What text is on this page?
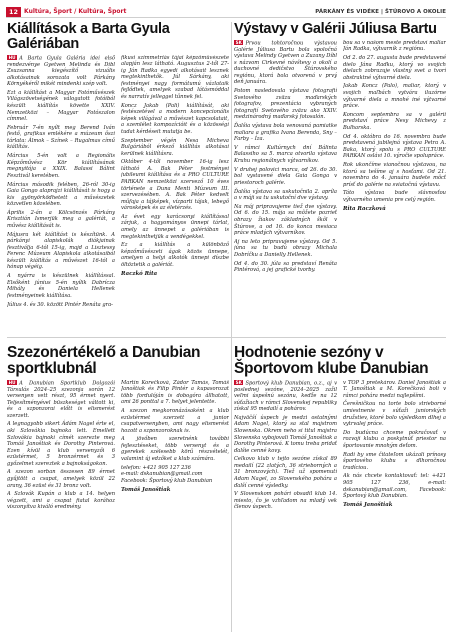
12	Kultúra, Šport / Kultúra, Šport	PÁRKÁNY ÉS VIDÉKE | ŠTÚROVO A OKOLIE
Kiállítások a Barta Gyula Galériában

HU A Barta Gyula Galéria idei első rendezvénye Gyetven Melinda és Dibl Zsuzsanna kiegészítő vizuális alkotásainak sorozata volt Párkány Környékéről mikét mindenki szép volt.

Ezt a kiállítást a Magyar Fotóművészek Világszövetségének válogatott fotóiból készült kiállítás követte XXIV. Nemzetközi – Magyar Fotószalon címmel.

Február 7-én nyílt meg Berend Iván festő, grafikus emlékére a múzeum őszi tárlata: Álmok – Színek – Rugalmas című kiállítás.

Március 5-én volt a Regionális Képzőművész Kör kiállításának megnyitója a XXIX. Balassi Bálint Fesztivál keretében.

Március második felében, 26-ról 30-ig Gaia Gongo alaprajzi kiállítását is hogy a kis gyönyörködhetett a művészetek közvetlen közelében.

Április 2-án a Kölcsönzés Párkány Krisztián Ismerjük meg a galériát, a művész kiállítását is.

Májusra két kiállítást is készítünk. A párkányi alapiskolák diákjainak fesztiválja 6-tól 15-ig, majd a Lisztessy Ferenc Múzeum Alapiskola alkotásaiból készült kiállítás a művészet 16-tól a hónap végéig.

A nyárra is készülnek kiállítással. Elsőként június 5-én nyílik Dabrícza Mihály és Daniela Hellenek festményeinek kiállítása.

Július 4. és 30. között Pintér Renáta gra-

fikusi szimmetriás tájai képzőművészete alapján lesz látható. Augusztus 2-től 27-ig Ján Radka egyedi alkotásait lesznek megtekinthetők. Júl Sárkány, aki festményei nagy formátumú vázlataik fejlődtek, amelyek szabad látásmóddal és narratív jelleggel tűnnek fel.

Koncz Jakab (Pali) kiállítását, aki festészetével a modern koncepcionális képek világával a művészet kapcsolatait, a szemlélet kompozícióit és a közösségi tudat kérdéseit mutatja be.

Szeptember végén Nesa Micheva Bulgáriából érkező kiállítás alkotásai kerülnek kiállításra.

Október 4-től november 16-ig lesz látható A. Bak Péter festményei jubileumi kiállítása és a PRO CULTURE PARKAN nemzetközi szervező 10 éves története a Duna Menti Múzeum III. szervezésében. A. Bak Péter kedvelt műfaja a tájképek, vízparti tájak, lebegő városképek és az életérzés.

Az évet egy karácsonyi kiállítással zárjuk, a hagyományos ünnepi tárlat, amely az ünnepet a galériában is megtekinthetjük a vendégekkel.

Ez a kiállítás a különböző képzőművészeti ágak közös ünnepe, amelyen a helyi alkotók ünnepi díszbe öltöztetik a galériát.

Raczkó Rita

Výstavy v Galérii Júliusa Bartu

SK Prvou tohtoročnou výstavou Galérie Júliusa Bartu bola spoločná výstava Melindy Gyetven a Zuzany Díbl s názvom Cirkevné návštevy o okolí a duchovné dedičstvo Štúrovského regiónu, ktorá bola otvorená v prvý deň januára.

Potom nasledovala výstava fotografií Svetového zväzu maďarských fotografov, prezentácia vybraných fotografií Svetového zväzu ako XXIV. medzinárodný maďarský fotosalón.

Ďalšia výstava bola venovaná pamiatke maliara a grafika Ivana Berenda, Sny – Farby – Íza.

V rámci Kultúrnych dní Bálinta Balassiho sa 5. marca otvorila výstava Kruhu regionálnych výtvarníkov.

V druhej polovici marca, od 26. do 30. bol vystavené diela Gaia Gonga v priestoroch galérie.

Ďalšia výstava sa uskutočnila 2. apríla a v máji sa tu uskutoční dve výstavy.

Na máj pripravujeme tiež dve výstavy. Od 6. do 15. mája sa môžete pozrieť obrazy žiakov základných škôl v Štúrove, a od 16. do konca mesiaca práce mladých výtvarníkov.

Aj na leto pripravujeme výstavy. Od 5. júna sa tu budú obrazy Michala Dobríčku a Danielly Hellenek.

Od 4. do 30. júla sa predstaví Renáta Pintérová, a jej grafické tvorby.

bou sa v našom meste predstaví maliar Ján Radka, výtvarník z regiónu.

Od 2. do 27. augusta bude predstavené dielo Jána Radku, ktorý vo svojich dielach zobrazuje vlastný svet a tvorí abstraktné výtvarné diela.

Jakab Koncz (Palo), maliar, ktorý v svojich maľbách vytvára iluzórne výtvarné diela a mnohé iné výtvarné práce.

Koncom septembra sa v galérii predstaví práce Nesy Michevy z Bulharska.

Od 4. októbra do 16. novembra bude predstavená jubilejná výstava Petra A. Baka, ktorý spolu s PRO CULTURE PARKAN oslávi 10. výročie spolupráce.

Rok ukončíme vianočnou výstavou, na ktorú sa tešíme aj s hosťami. Od 21. novembra do 4. januára budete môcť prísť do galérie na sviatočnú výstavu.

Táto výstava bude slávnosťou výtvarného umenia pre celý región.

Rita Raczková

Szezonértékelő a Danubian sportklubnál

HU A Danubian Sportklub Dolgozói Társulás 2024–25 szezonja során 12 versenyen vett részt, 95 érmet nyert. Teljesítményével büszkeséget váltott ki, és a szponzorai előtt is elismerést szerzett.

A legnagyobb sikert Ádám Nagel érte el, aki Szlovákia bajnoka lett. Emellett Szlovákia bajnoki címét szerezte meg Tomáš Janoštiak és Dorothy Pinterová. Ezen kívül a klub versenyzői 6 ezüstérmet, 5 bronzérmet és 3 győzelmet szereztek a bajnokságokon.

A szezon sorban összesen 89 érmet gyűjtött a csapat, amelyek közül 22 arany, 36 ezüst és 31 bronz volt.

A Szlovák Kupán a klub a 14. helyen végzett, ami a csapat fiatal korához viszonyítva kiváló eredmény.

Martin Korečková, Zádor Tamás, Tomáš Janoštiak és Filip Pintér a kupasorozat több fordulóján is dobogóra állhatott, ami 26 ponttal a 7. helyet jelentette.

A szezon megkoronázásaként a klub ezüstérmet szerzett a junior csapatversenyben, ami nagy elismerést hozott a szponzoroknak is.

A jövőben szeretnénk további fejlesztéseket, több versenyt és a gyerekek szélesebb körű részvételét, valamint új edzőket a klub számára.

telefon: +421 905 127 236
e-mail: dskanubian@gmail.com
Facebook: Športový klub Danubian

Tomáš Janoštiak

Hodnotenie sezóny v Športovom klube Danubian

SK Športový klub Danubian, o.z., aj v poslednej sezóne, 2024–2025 zažil veľmi úspešnú sezónu, keďže na 12 súťažiach v rámci Slovenskej republiky získal 95 medailí a pohárov.

Najväčší úspech je medzi ostatnými Adam Nagel, ktorý sa stal majstrom Slovenska. Okrem neho si titul majstra Slovenska vybojovali Tomáš Janoštiak a Dorothy Pinterová. K tomu treba pridať ďalšie cenné kovy.

Celkovo klub v tejto sezóne získal 89 medailí (22 zlatých, 36 strieborných a 31 bronzových). Tiež už spomenutí Adam Nagel, zo Slovenského pohára a ďalší cenné výsledky.

V Slovenskom pohári obsadil klub 14. miesto, čo je vzhľadom na mladý vek členov úspech.

v TOP 3 pretekárov. Daniel Janoštiak a T. Janoštiak a M. Korečková boli v rámci pohára medzi najlepšími.

Čerešničkou na torte bolo strieborné umiestnenie v súťaži juniorských družstiev, ktoré bolo výsledkom dlhej a vytrvalej práce.

Do budúcna chceme pokračovať v rozvoji klubu a poskytnúť priestor na športovanie mnohým deťom.

Radi by sme čitateľom ukázali prínosy športového klubu s dlhoročnou tradíciou.

Ak nás chcete kontaktovať: tel: +421 905 127 236, e-mail: dskanubian@gmail.com, Facebook: Športový klub Danubian.

Tomáš Janoštiak
